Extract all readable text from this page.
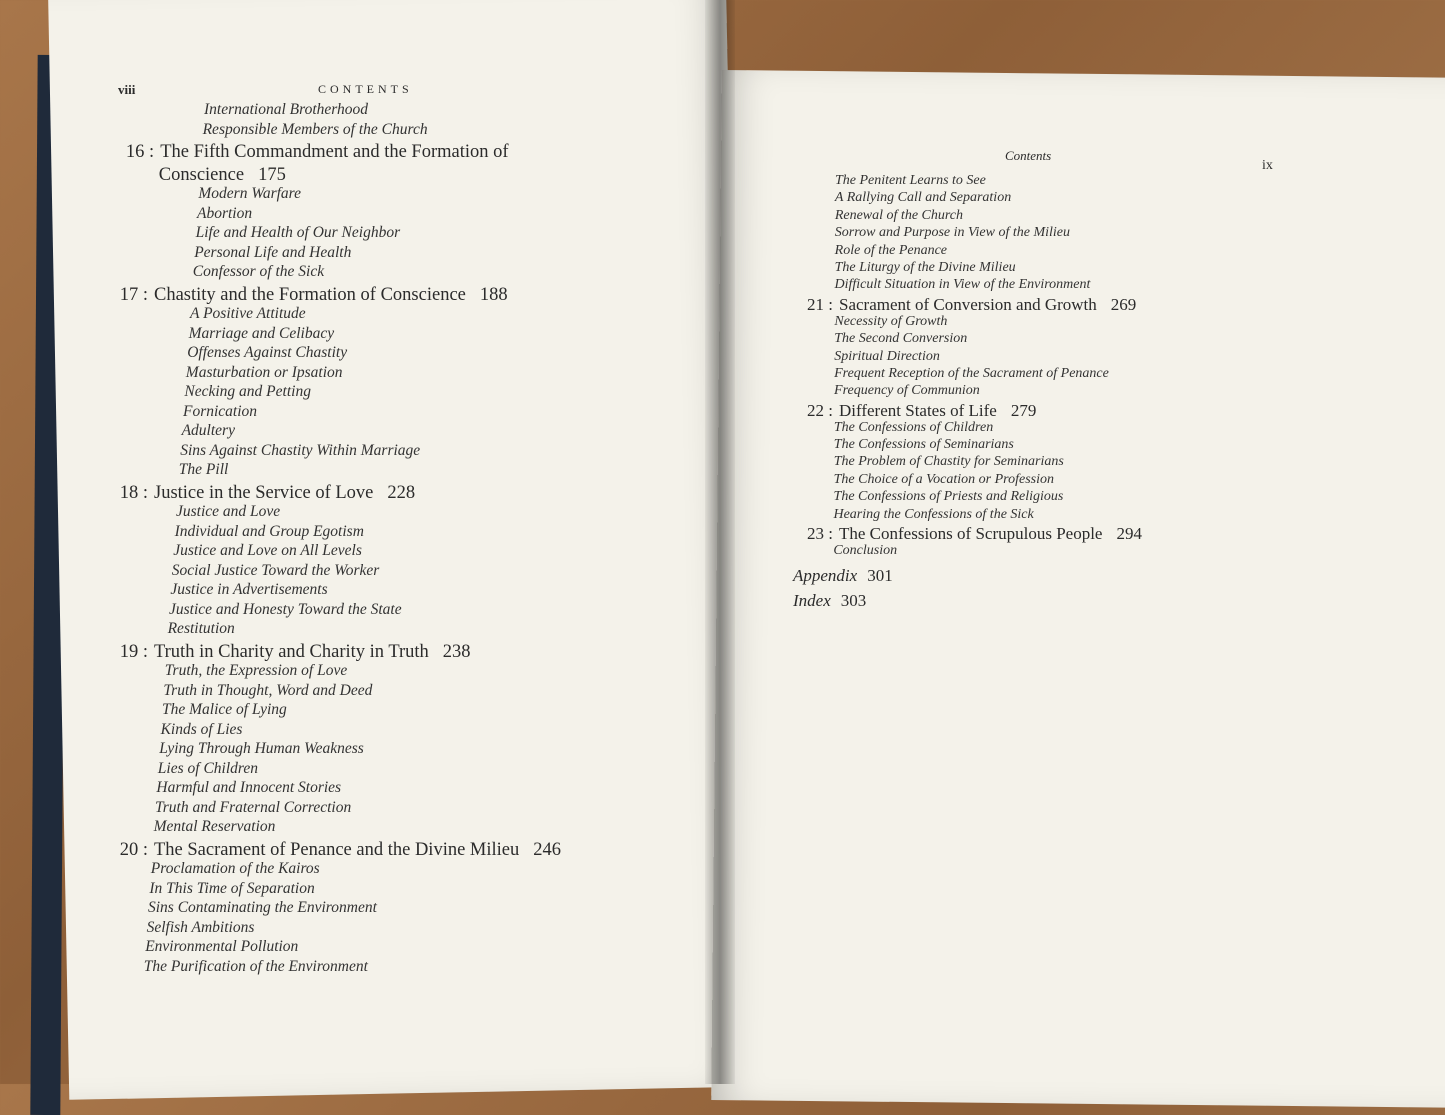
viii	CONTENTS
International Brotherhood
Responsible Members of the Church
16 : The Fifth Commandment and the Formation of
Conscience 175
Modern Warfare
Abortion
Life and Health of Our Neighbor
Personal Life and Health
Confessor of the Sick
17 : Chastity and the Formation of Conscience 188
A Positive Attitude
Marriage and Celibacy
Offenses Against Chastity
Masturbation or Ipsation
Necking and Petting
Fornication
Adultery
Sins Against Chastity Within Marriage
The Pill
18 : Justice in the Service of Love 228
Justice and Love
Individual and Group Egotism
Justice and Love on All Levels
Social Justice Toward the Worker
Justice in Advertisements
Justice and Honesty Toward the State
Restitution
19 : Truth in Charity and Charity in Truth 238
Truth, the Expression of Love
Truth in Thought, Word and Deed
The Malice of Lying
Kinds of Lies
Lying Through Human Weakness
Lies of Children
Harmful and Innocent Stories
Truth and Fraternal Correction
Mental Reservation
20 : The Sacrament of Penance and the Divine Milieu 246
Proclamation of the Kairos
In This Time of Separation
Sins Contaminating the Environment
Selfish Ambitions
Environmental Pollution
The Purification of the Environment
Contents
ix
The Penitent Learns to See
A Rallying Call and Separation
Renewal of the Church
Sorrow and Purpose in View of the Milieu
Role of the Penance
The Liturgy of the Divine Milieu
Difficult Situation in View of the Environment
21 : Sacrament of Conversion and Growth 269
Necessity of Growth
The Second Conversion
Spiritual Direction
Frequent Reception of the Sacrament of Penance
Frequency of Communion
22 : Different States of Life 279
The Confessions of Children
The Confessions of Seminarians
The Problem of Chastity for Seminarians
The Choice of a Vocation or Profession
The Confessions of Priests and Religious
Hearing the Confessions of the Sick
23 : The Confessions of Scrupulous People 294
Conclusion
Appendix 301
Index 303
